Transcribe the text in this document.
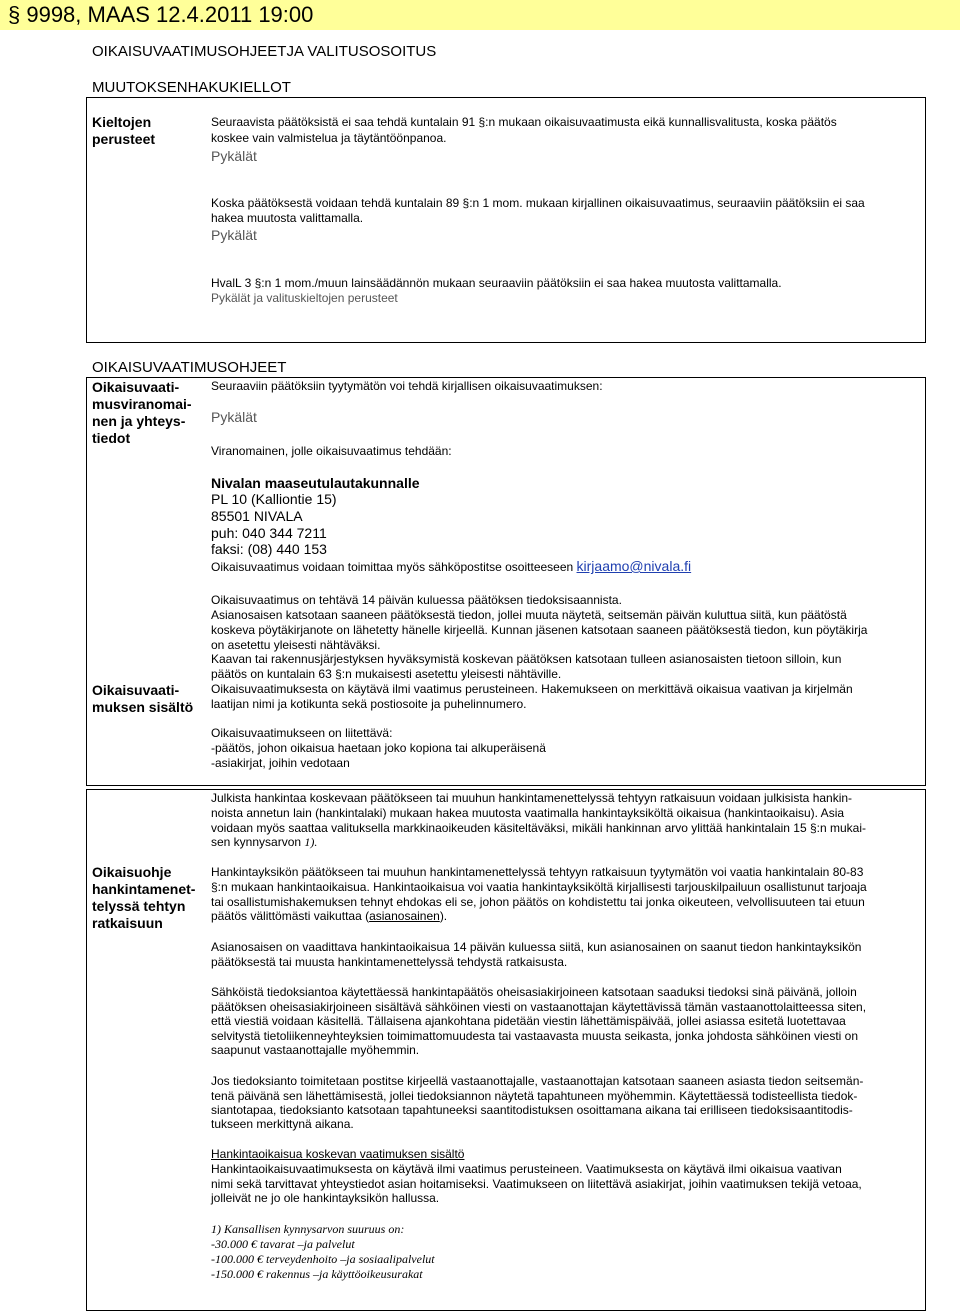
§ 9998, MAAS 12.4.2011 19:00
OIKAISUVAATIMUSOHJEETJA VALITUSOSOITUS
MUUTOKSENHAKUKIELLOT
Kieltojen
perusteet
Seuraavista päätöksistä ei saa tehdä kuntalain 91 §:n mukaan oikaisuvaatimusta eikä kunnallisvalitusta, koska päätös
koskee vain valmistelua ja täytäntöönpanoa.
Pykälät
Koska päätöksestä voidaan tehdä kuntalain 89 §:n 1 mom. mukaan kirjallinen oikaisuvaatimus, seuraaviin päätöksiin ei saa
hakea muutosta valittamalla.
Pykälät
HvalL 3 §:n 1 mom./muun lainsäädännön mukaan seuraaviin päätöksiin ei saa hakea muutosta valittamalla.
Pykälät ja valituskieltojen perusteet
OIKAISUVAATIMUSOHJEET
Oikaisuvaati-
musviranomai-
nen ja yhteys-
tiedot
Seuraaviin päätöksiin tyytymätön voi tehdä kirjallisen oikaisuvaatimuksen:
Pykälät
Viranomainen, jolle oikaisuvaatimus tehdään:
Nivalan maaseutulautakunnalle
PL 10 (Kalliontie 15)
85501 NIVALA
puh: 040 344 7211
faksi: (08) 440 153
Oikaisuvaatimus voidaan toimittaa myös sähköpostitse osoitteeseen kirjaamo@nivala.fi
Oikaisuvaatimus on tehtävä 14 päivän kuluessa päätöksen tiedoksisaannista.
Asianosaisen katsotaan saaneen päätöksestä tiedon, jollei muuta näytetä, seitsemän päivän kuluttua siitä, kun päätöstä
koskeva pöytäkirjanote on lähetetty hänelle kirjeellä. Kunnan jäsenen katsotaan saaneen päätöksestä tiedon, kun pöytäkirja
on asetettu yleisesti nähtäväksi.
Kaavan tai rakennusjärjestyksen hyväksymistä koskevan päätöksen katsotaan tulleen asianosaisten tietoon silloin, kun
päätös on kuntalain 63 §:n mukaisesti asetettu yleisesti nähtäville.
Oikaisuvaati-
muksen sisältö
Oikaisuvaatimuksesta on käytävä ilmi vaatimus perusteineen. Hakemukseen on merkittävä oikaisua vaativan ja kirjelmän
laatijan nimi ja kotikunta sekä postiosoite ja puhelinnumero.
Oikaisuvaatimukseen on liitettävä:
-päätös, johon oikaisua haetaan joko kopiona tai alkuperäisenä
-asiakirjat, joihin vedotaan
Oikaisuohje
hankintamenet-
telyssä tehtyn
ratkaisuun
Julkista hankintaa koskevaan päätökseen tai muuhun hankintamenettelyssä tehtyyn ratkaisuun voidaan julkisista hankin-
noista annetun lain (hankintalaki) mukaan hakea muutosta vaatimalla hankintayksiköltä oikaisua (hankintaoikaisu). Asia
voidaan myös saattaa valituksella markkinaoikeuden käsiteltäväksi, mikäli hankinnan arvo ylittää hankintalain 15 §:n mukai-
sen kynnysarvon 1).
Hankintayksikön päätökseen tai muuhun hankintamenettelyssä tehtyyn ratkaisuun tyytymätön voi vaatia hankintalain 80-83
§:n mukaan hankintaoikaisua. Hankintaoikaisua voi vaatia hankintayksiköltä kirjallisesti tarjouskilpailuun osallistunut tarjoaja
tai osallistumishakemuksen tehnyt ehdokas eli se, johon päätös on kohdistettu tai jonka oikeuteen, velvollisuuteen tai etuun
päätös välittömästi vaikuttaa (asianosainen).
Asianosaisen on vaadittava hankintaoikaisua 14 päivän kuluessa siitä, kun asianosainen on saanut tiedon hankintayksikön
päätöksestä tai muusta hankintamenettelyssä tehdystä ratkaisusta.
Sähköistä tiedoksiantoa käytettäessä hankintapäätös oheisasiakirjoineen katsotaan saaduksi tiedoksi sinä päivänä, jolloin
päätöksen oheisasiakirjoineen sisältävä sähköinen viesti on vastaanottajan käytettävissä tämän vastaanottolaitteessa siten,
että viestiä voidaan käsitellä. Tällaisena ajankohtana pidetään viestin lähettämispäivää, jollei asiassa esitetä luotettavaa
selvitystä tietoliikenneyhteyksien toimimattomuudesta tai vastaavasta muusta seikasta, jonka johdosta sähköinen viesti on
saapunut vastaanottajalle myöhemmin.
Jos tiedoksianto toimitetaan postitse kirjeellä vastaanottajalle, vastaanottajan katsotaan saaneen asiasta tiedon seitsemän-
tenä päivänä sen lähettämisestä, jollei tiedoksiannon näytetä tapahtuneen myöhemmin. Käytettäessä todisteellista tiedok-
siantotapaa, tiedoksianto katsotaan tapahtuneeksi saantitodistuksen osoittamana aikana tai erilliseen tiedoksisaantitodis-
tukseen merkittynä aikana.
Hankintaoikaisua koskevan vaatimuksen sisältö
Hankintaoikaisuvaatimuksesta on käytävä ilmi vaatimus perusteineen. Vaatimuksesta on käytävä ilmi oikaisua vaativan
nimi sekä tarvittavat yhteystiedot asian hoitamiseksi. Vaatimukseen on liitettävä asiakirjat, joihin vaatimuksen tekijä vetoaa,
jolleivät ne jo ole hankintayksikön hallussa.
1) Kansallisen kynnysarvon suuruus on:
-30.000 € tavarat –ja palvelut
-100.000 € terveydenhoito –ja sosiaalipalvelut
-150.000 € rakennus –ja käyttöoikeusurakat
